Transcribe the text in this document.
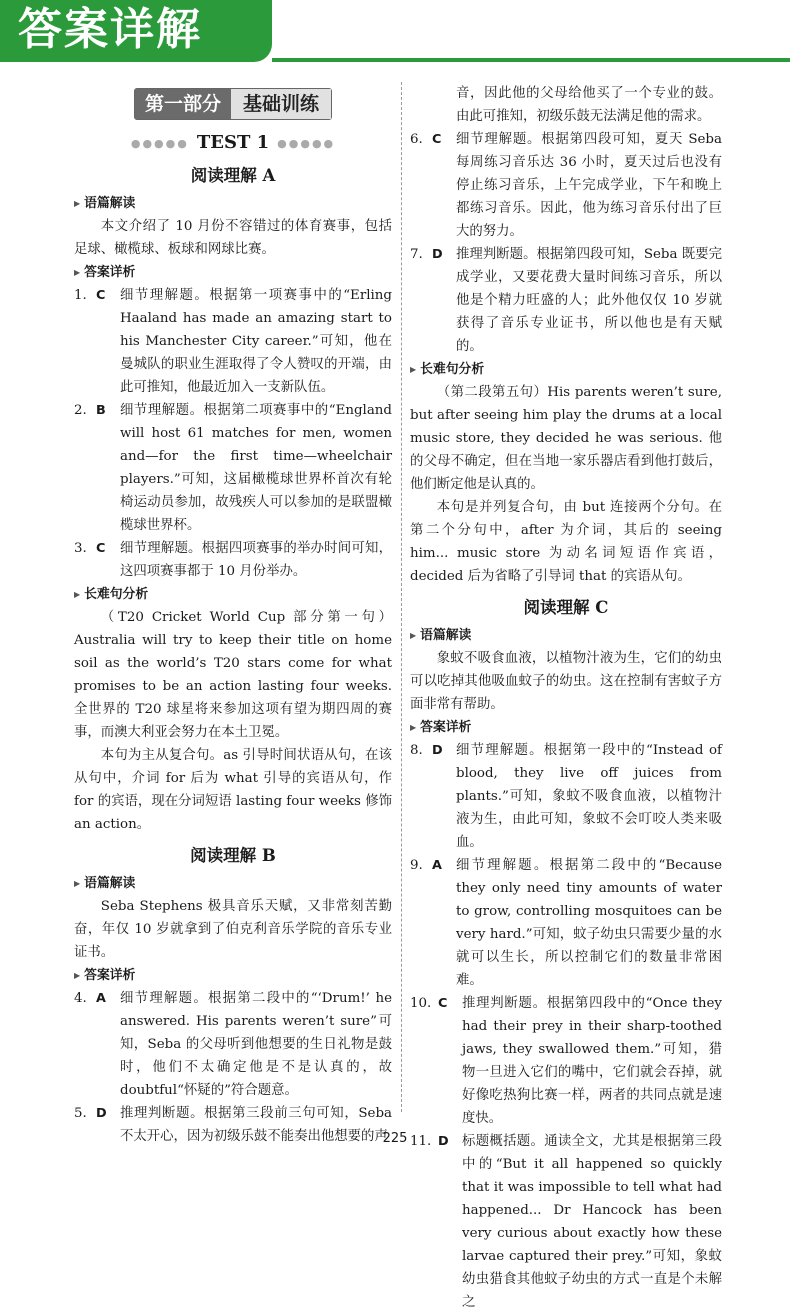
答案详解
第一部分	基础训练
●●●●● TEST 1 ●●●●●
阅读理解 A
▶ 语篇解读
本文介绍了 10 月份不容错过的体育赛事，包括足球、橄榄球、板球和网球比赛。
▶ 答案详析
1. C	细节理解题。根据第一项赛事中的“Erling Haaland has made an amazing start to his Manchester City career.”可知，他在曼城队的职业生涯取得了令人赞叹的开端，由此可推知，他最近加入一支新队伍。
2. B	细节理解题。根据第二项赛事中的“England will host 61 matches for men, women and—for the first time—wheelchair players.”可知，这届橄榄球世界杯首次有轮椅运动员参加，故残疾人可以参加的是联盟橄榄球世界杯。
3. C	细节理解题。根据四项赛事的举办时间可知，这四项赛事都于 10 月份举办。
▶ 长难句分析
（T20 Cricket World Cup 部分第一句）Australia will try to keep their title on home soil as the world’s T20 stars come for what promises to be an action lasting four weeks. 全世界的 T20 球星将来参加这项有望为期四周的赛事，而澳大利亚会努力在本土卫冕。
本句为主从复合句。as 引导时间状语从句，在该从句中，介词 for 后为 what 引导的宾语从句，作 for 的宾语，现在分词短语 lasting four weeks 修饰 an action。
阅读理解 B
▶ 语篇解读
Seba Stephens 极具音乐天赋，又非常刻苦勤奋，年仅 10 岁就拿到了伯克利音乐学院的音乐专业证书。
▶ 答案详析
4. A	细节理解题。根据第二段中的“‘Drum!’ he answered. His parents weren’t sure”可知，Seba 的父母听到他想要的生日礼物是鼓时，他们不太确定他是不是认真的，故 doubtful“怀疑的”符合题意。
5. D 推理判断题。根据第三段前三句可知，Seba 不太开心，因为初级乐鼓不能奏出他想要的声
音，因此他的父母给他买了一个专业的鼓。由此可推知，初级乐鼓无法满足他的需求。
6. C	细节理解题。根据第四段可知，夏天 Seba 每周练习音乐达 36 小时，夏天过后也没有停止练习音乐，上午完成学业，下午和晚上都练习音乐。因此，他为练习音乐付出了巨大的努力。
7. D 推理判断题。根据第四段可知，Seba 既要完成学业，又要花费大量时间练习音乐，所以他是个精力旺盛的人；此外他仅仅 10 岁就获得了音乐专业证书，所以他也是有天赋的。
▶ 长难句分析
（第二段第五句）His parents weren’t sure, but after seeing him play the drums at a local music store, they decided he was serious. 他的父母不确定，但在当地一家乐器店看到他打鼓后，他们断定他是认真的。
本句是并列复合句，由 but 连接两个分句。在第二个分句中，after 为介词，其后的 seeing him... music store 为动名词短语作宾语，decided 后为省略了引导词 that 的宾语从句。
阅读理解 C
▶ 语篇解读
象蚊不吸食血液，以植物汁液为生，它们的幼虫可以吃掉其他吸血蚊子的幼虫。这在控制有害蚊子方面非常有帮助。
▶ 答案详析
8. D 细节理解题。根据第一段中的“Instead of blood, they live off juices from plants.”可知，象蚊不吸食血液，以植物汁液为生，由此可知，象蚊不会叮咬人类来吸血。
9. A	细节理解题。根据第二段中的“Because they only need tiny amounts of water to grow, controlling mosquitoes can be very hard.”可知，蚊子幼虫只需要少量的水就可以生长，所以控制它们的数量非常困难。
10. C	推理判断题。根据第四段中的“Once they had their prey in their sharp-toothed jaws, they swallowed them.”可知，猎物一旦进入它们的嘴中，它们就会吞掉，就好像吃热狗比赛一样，两者的共同点就是速度快。
11. D 标题概括题。通读全文，尤其是根据第三段中的“But it all happened so quickly that it was impossible to tell what had happened... Dr Hancock has been very curious about exactly how these larvae captured their prey.”可知，象蚊幼虫猎食其他蚊子幼虫的方式一直是个未解之
225
